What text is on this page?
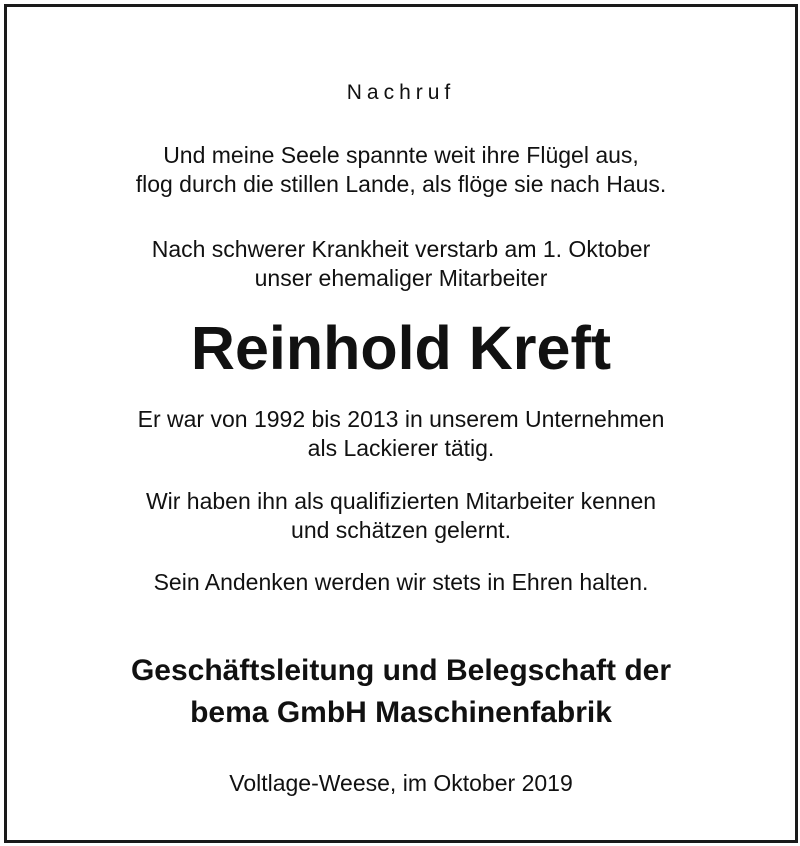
Nachruf
Und meine Seele spannte weit ihre Flügel aus,
flog durch die stillen Lande, als flöge sie nach Haus.
Nach schwerer Krankheit verstarb am 1. Oktober
unser ehemaliger Mitarbeiter
Reinhold Kreft
Er war von 1992 bis 2013 in unserem Unternehmen
als Lackierer tätig.
Wir haben ihn als qualifizierten Mitarbeiter kennen
und schätzen gelernt.
Sein Andenken werden wir stets in Ehren halten.
Geschäftsleitung und Belegschaft der
bema GmbH Maschinenfabrik
Voltlage-Weese, im Oktober 2019
